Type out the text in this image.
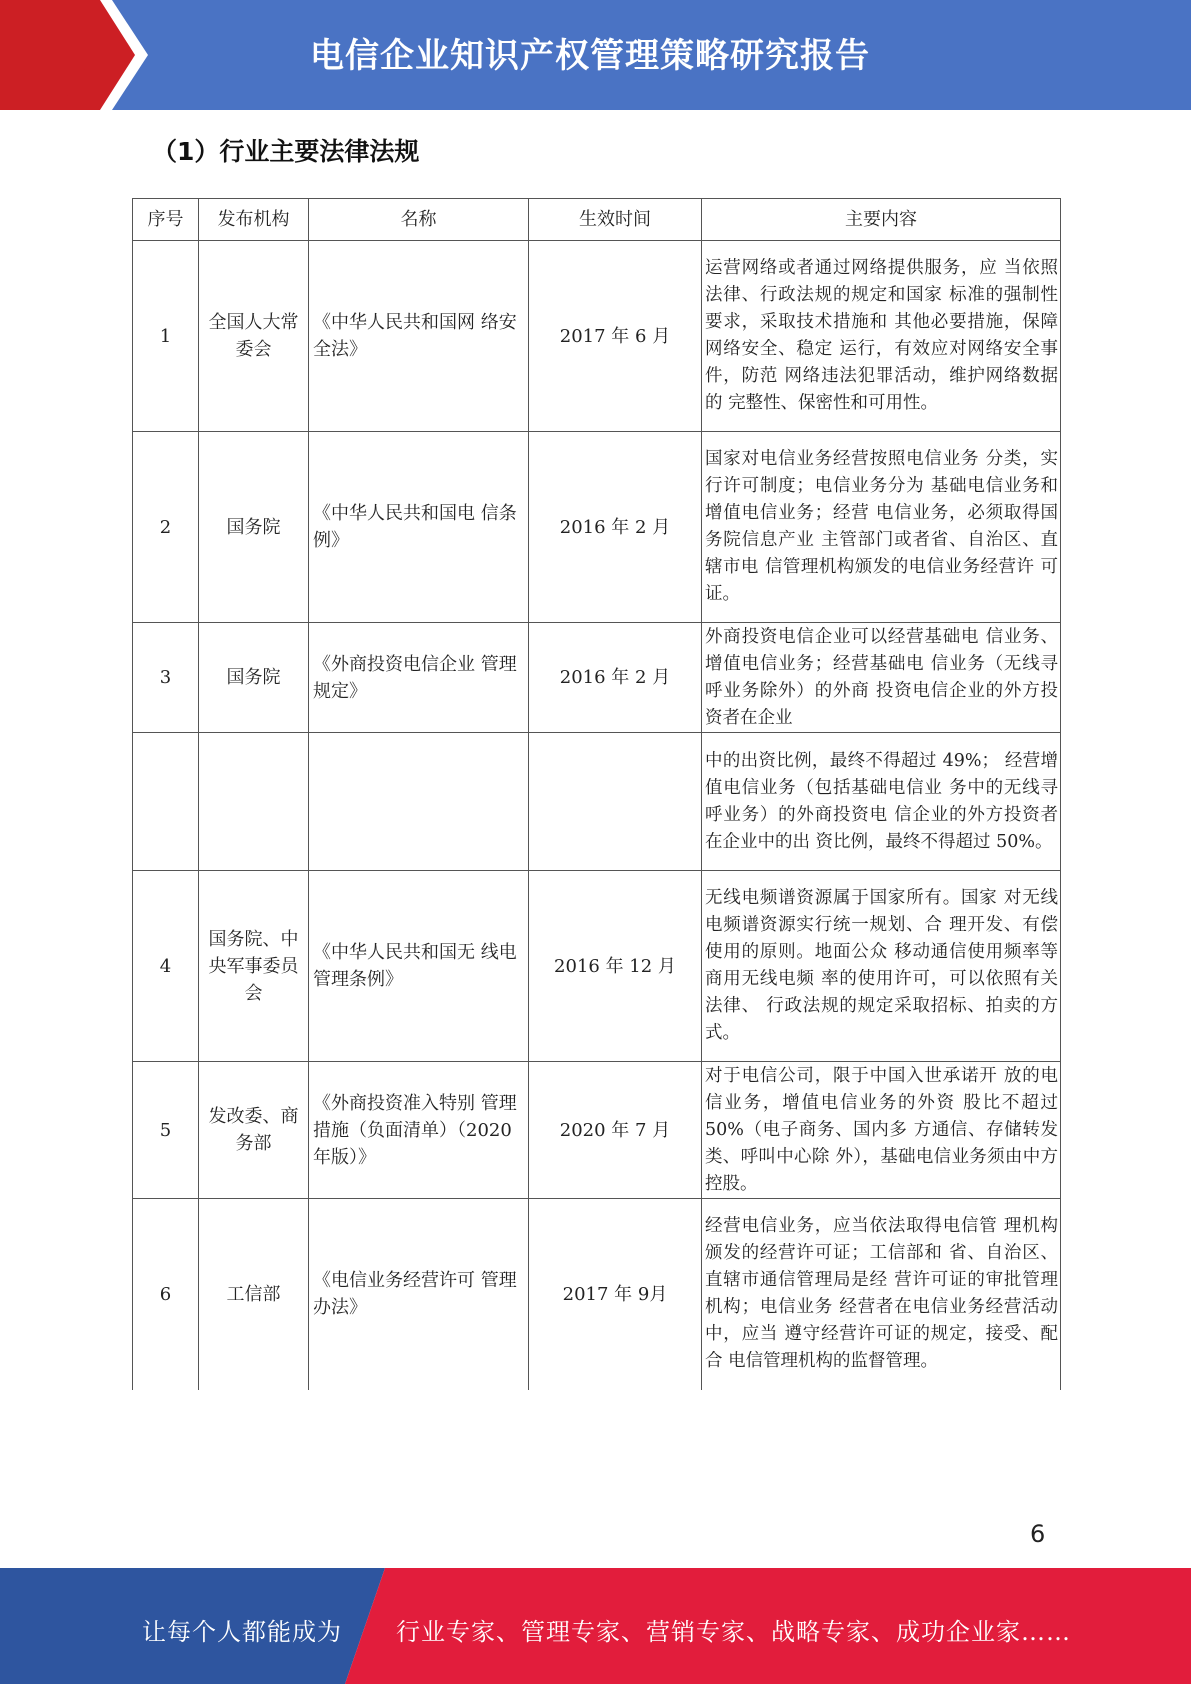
电信企业知识产权管理策略研究报告
（1）行业主要法律法规
序号	发布机构	名称	生效时间	主要内容
1	全国人大常委会	《中华人民共和国网 络安全法》	2017 年 6 月	运营网络或者通过网络提供服务，应 当依照法律、行政法规的规定和国家 标准的强制性要求，采取技术措施和 其他必要措施，保障网络安全、稳定 运行，有效应对网络安全事件，防范 网络违法犯罪活动，维护网络数据的 完整性、保密性和可用性。
2	国务院	《中华人民共和国电 信条例》	2016 年 2 月	国家对电信业务经营按照电信业务 分类，实行许可制度；电信业务分为 基础电信业务和增值电信业务；经营 电信业务，必须取得国务院信息产业 主管部门或者省、自治区、直辖市电 信管理机构颁发的电信业务经营许 可证。
3	国务院	《外商投资电信企业 管理规定》	2016 年 2 月	外商投资电信企业可以经营基础电 信业务、增值电信业务；经营基础电 信业务（无线寻呼业务除外）的外商 投资电信企业的外方投资者在企业
				中的出资比例，最终不得超过 49%； 经营增值电信业务（包括基础电信业 务中的无线寻呼业务）的外商投资电 信企业的外方投资者在企业中的出 资比例，最终不得超过 50%。
4	国务院、中央军事委员会	《中华人民共和国无 线电管理条例》	2016 年 12 月	无线电频谱资源属于国家所有。国家 对无线电频谱资源实行统一规划、合 理开发、有偿使用的原则。地面公众 移动通信使用频率等商用无线电频 率的使用许可，可以依照有关法律、 行政法规的规定采取招标、拍卖的方 式。
5	发改委、商务部	《外商投资准入特别 管理措施（负面清单）（2020 年版）》	2020 年 7 月	对于电信公司，限于中国入世承诺开 放的电信业务，增值电信业务的外资 股比不超过 50%（电子商务、国内多 方通信、存储转发类、呼叫中心除 外），基础电信业务须由中方控股。
6	工信部	《电信业务经营许可 管理办法》	2017 年 9月	经营电信业务，应当依法取得电信管 理机构颁发的经营许可证；工信部和 省、自治区、直辖市通信管理局是经 营许可证的审批管理机构；电信业务 经营者在电信业务经营活动中，应当 遵守经营许可证的规定，接受、配合 电信管理机构的监督管理。
6
让每个人都能成为 行业专家、管理专家、营销专家、战略专家、成功企业家……
